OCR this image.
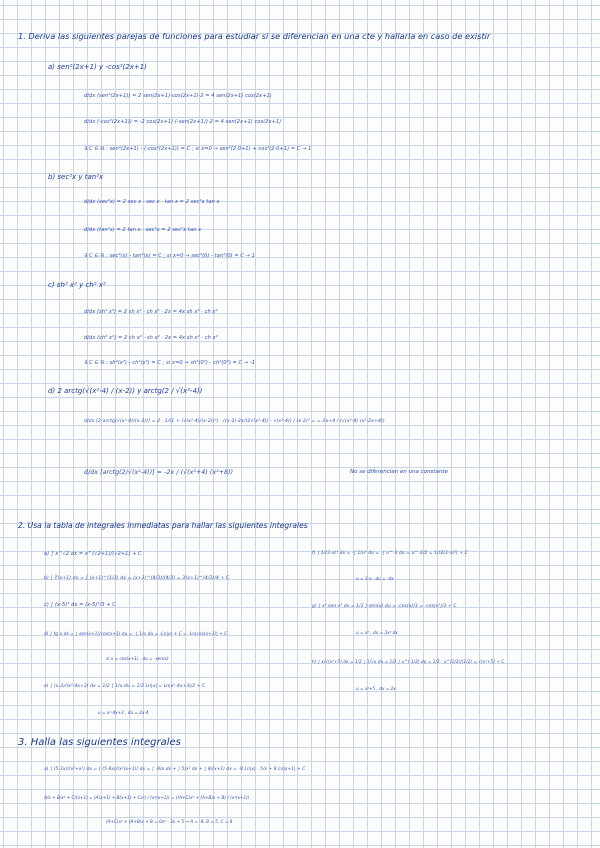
1. Deriva las siguientes parejas de funciones para estudiar si se diferencian en una cte y hallarla en caso de existir
a) sen²(2x+1) y -cos²(2x+1)
d/dx (sen²(2x+1)) = 2 sen(2x+1)·cos(2x+1)·2 = 4 sen(2x+1) cos(2x+1)
d/dx (-cos²(2x+1)) = -2 cos(2x+1)·(-sen(2x+1))·2 = 4 sen(2x+1) cos(2x+1)
∃ C ∈ ℝ : sen²(2x+1) - (-cos²(2x+1)) = C ; si x=0 → sen²(2·0+1) + cos²(2·0+1) = C → 1
b) sec²x y tan²x
d/dx (sec²x) = 2 sec x · sec x · tan x = 2 sec²x tan x
d/dx (tan²x) = 2 tan x · sec²x = 2 sec²x tan x
∃ C ∈ ℝ : sec²(x) - tan²(x) = C ; si x=0 → sec²(0) - tan²(0) = C → 1
c) sh² x² y ch² x²
d/dx (sh² x²) = 2 sh x² · ch x² · 2x = 4x sh x² · ch x²
d/dx (ch² x²) = 2 ch x² · sh x² · 2x = 4x sh x² · ch x²
∃ C ∈ ℝ : sh²(x²) - ch²(x²) = C ; si x=0 → sh²(0²) - ch²(0²) = C → -1
d) 2 arctg(√(x²-4) / (x-2)) y arctg(2 / √(x²-4))
d/dx [2 arctg(√(x²-4)/(x-2))] = 2 · 1/(1 + (√(x²-4)/(x-2))²) · ((x-2)·2x/(2√(x²-4)) - √(x²-4)) / (x-2)² = = 2x+4 / (√(x²-4) (x²-2x+4))
d/dx [arctg(2/√(x²-4))] = -2x / (√(x²+4) (x²+8))	No se diferencian en una constante
2. Usa la tabla de integrales inmediatas para hallar las siguientes integrales
a) ∫ x^√2 dx = x^(√2+1)/(√2+1) + C
b) ∫ ∛(x+1) dx = ∫ (x+1)^(1/3) dx = (x+1)^(4/3)/(4/3) = 3(x+1)^(4/3)/4 + C
c) ∫ (x-5)² dx = (x-5)³/3 + C
d) ∫ tg x dx = ∫ sen(x+1)/cos(x+1) du = -∫ 1/u du = -Ln|u| + C = -Ln|cos(x+1)| + C
si u = cos(x+1) , du = -sen(x)
e) ∫ (x-2)/(x²-4x+3) dx = 1/2 ∫ 1/u du = 1/2 Ln|u| = Ln|x²-4x+3|/2 + C
u = x²-4x+3 , du = 2x-4
f) ∫ 1/(3-x)³ dx = -∫ 1/u³ du = -∫ u^-3 du = u^-2/2 = 1/(2(3-x)²) + C
u = 3-x , du = -dx
g) ∫ x² sen x³ dx = 1/3 ∫ sen(u) du = -cos(u)/3 = -cos(x³)/3 + C
u = x³ , du = 3x² dx
h) ∫ x/√(x²+5) dx = 1/2 ∫ 1/√u du = 1/2 ∫ u^(-1/2) du = 1/2 · u^(1/2)/(1/2) = √(x²+5) + C
u = x²+5 , du = 2x
3. Halla las siguientes integrales
a) ∫ (5-3x)/(x³+x²) dx = ∫ (5-8x)/(x²(x+1)) dx = ∫ -8/x dx + ∫ 5/x² dx + ∫ 8/(x+1) dx = -8 Ln|x| - 5/x + 8 Ln|x+1| + C
A/x + B/x² + C/(x+1) = (A(x+1) + B(x+1) + Cx²) / (x²(x+1)) = ((A+C)x² + (A+B)x + B) / (x²(x+1))
(A+C)x² + (A+B)x + B = 0x² - 3x + 5 → A = -8, B = 5, C = 8
